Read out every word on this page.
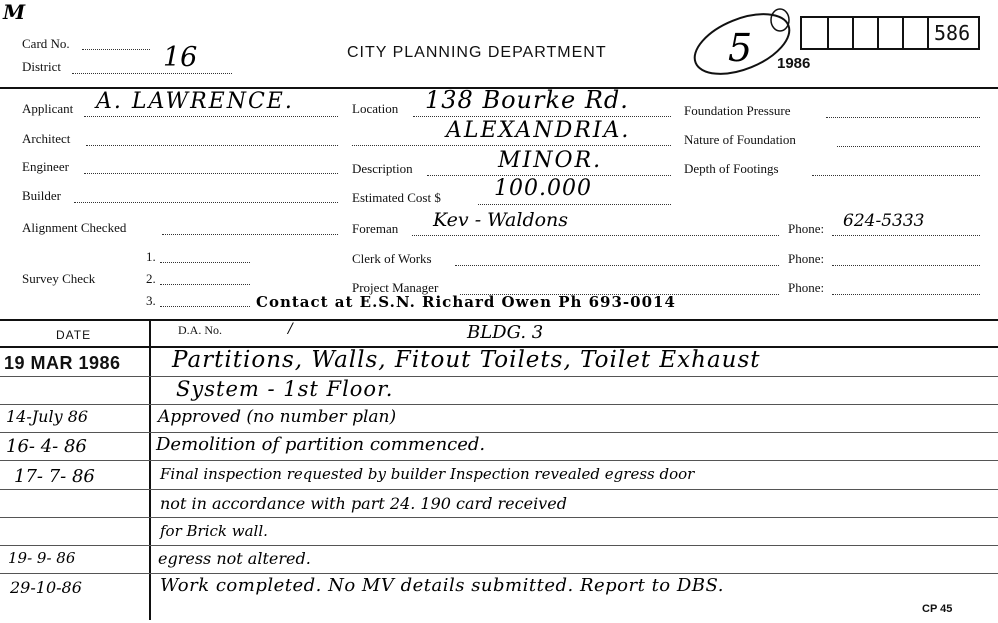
M
Card No.
District	16	CITY PLANNING DEPARTMENT	5 1986
586
Applicant A. LAWRENCE.
Architect
Engineer
Builder
Alignment Checked
Survey Check
1.
2.
3.
Location 138 Bourke Rd.
ALEXANDRIA.
Description	MINOR.
Estimated Cost $ 100.000
Foreman Kev - Waldons
Clerk of Works
Project Manager
Contact at E.S.N. Richard Owen Ph 693-0014
Foundation Pressure
Nature of Foundation
Depth of Footings
Phone: 624-5333
Phone:
Phone:
DATE	D.A. No.	/	BLDG. 3
19 MAR 1986 Partitions, Walls, Fitout Toilets, Toilet Exhaust
System - 1st Floor.
14-July 86	Approved (no number plan)
16- 4- 86	Demolition of partition commenced.
17- 7- 86	Final inspection requested by builder Inspection revealed egress door
not in accordance with part 24. 190 card received
for Brick wall.
19- 9- 86	egress not altered.
29-10-86	Work completed. No MV details submitted. Report to DBS.
CP 45
